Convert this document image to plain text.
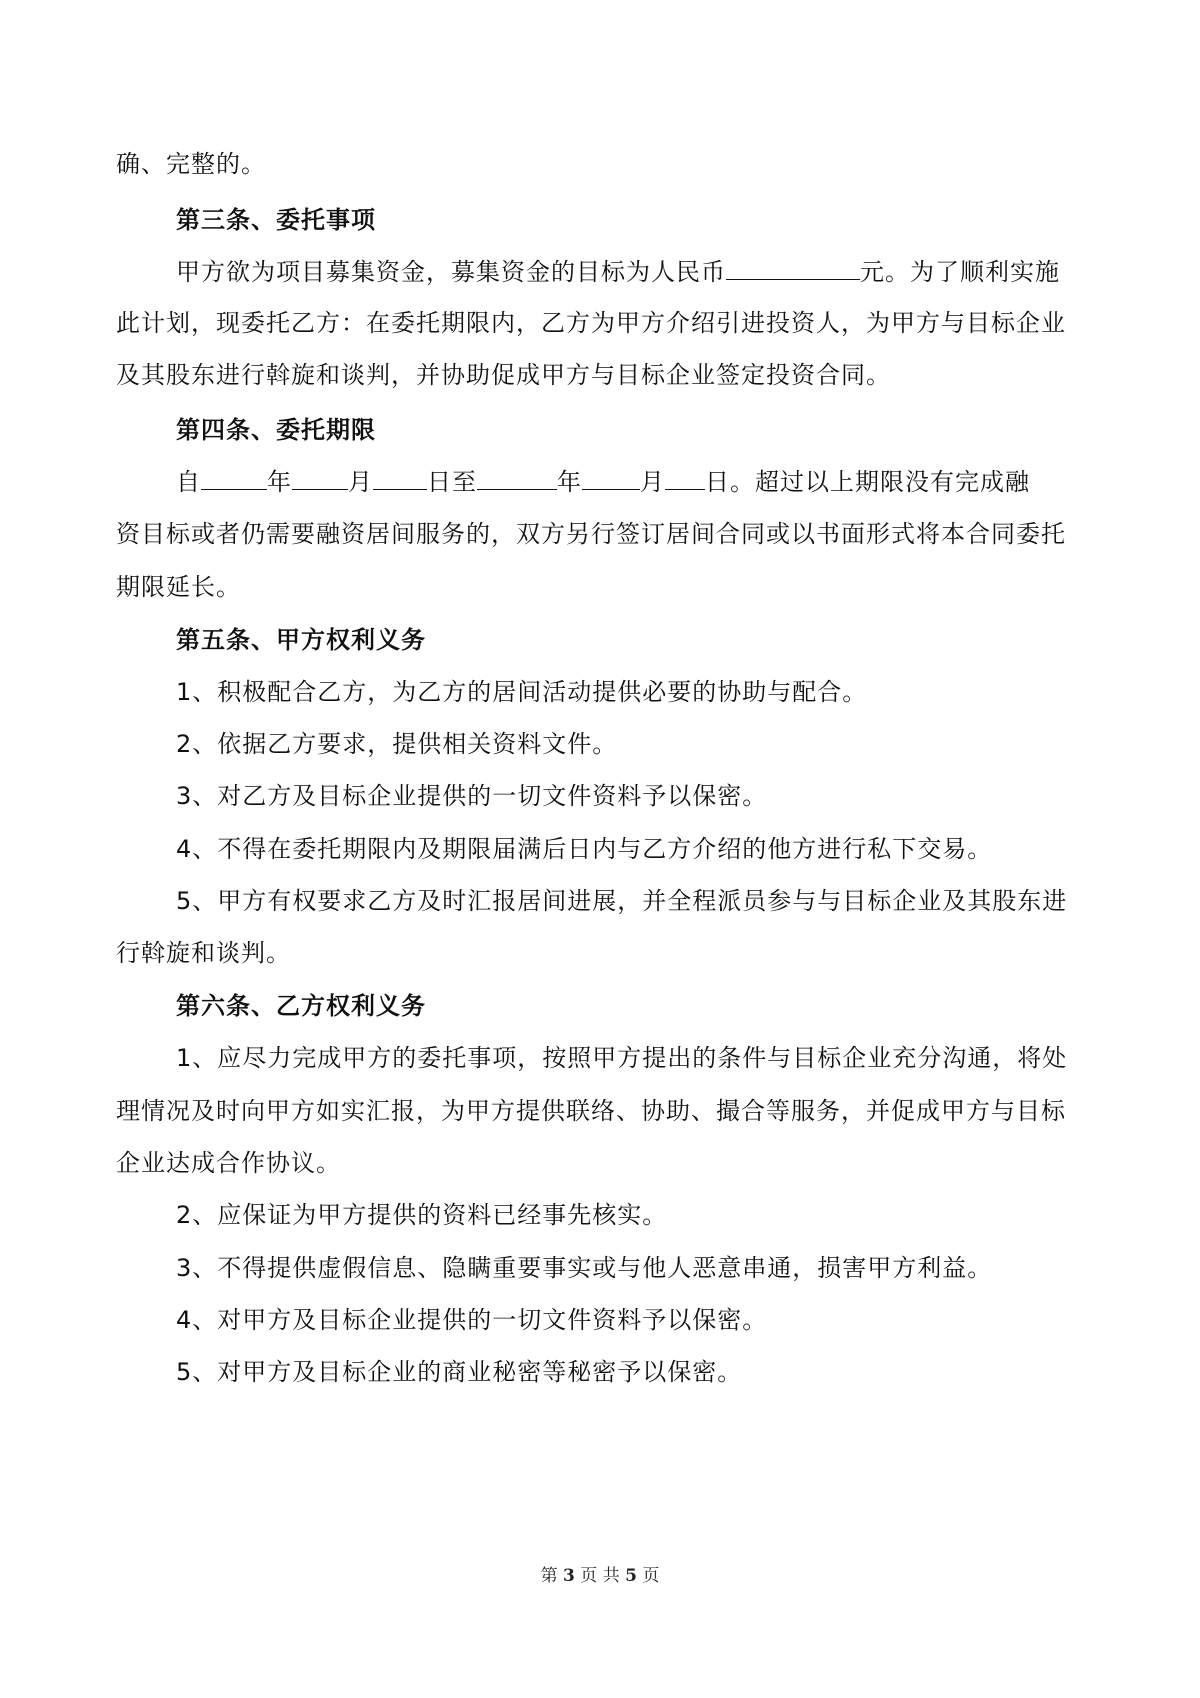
确、完整的。
第三条、委托事项
甲方欲为项目募集资金，募集资金的目标为人民币	元。为了顺利实施
此计划，现委托乙方：在委托期限内，乙方为甲方介绍引进投资人，为甲方与目标企业
及其股东进行斡旋和谈判，并协助促成甲方与目标企业签定投资合同。
第四条、委托期限
自	年 月 日至	年 月 日。超过以上期限没有完成融
资目标或者仍需要融资居间服务的，双方另行签订居间合同或以书面形式将本合同委托
期限延长。
第五条、甲方权利义务
1、积极配合乙方，为乙方的居间活动提供必要的协助与配合。
2、依据乙方要求，提供相关资料文件。
3、对乙方及目标企业提供的一切文件资料予以保密。
4、不得在委托期限内及期限届满后日内与乙方介绍的他方进行私下交易。
5、甲方有权要求乙方及时汇报居间进展，并全程派员参与与目标企业及其股东进
行斡旋和谈判。
第六条、乙方权利义务
1、应尽力完成甲方的委托事项，按照甲方提出的条件与目标企业充分沟通，将处
理情况及时向甲方如实汇报，为甲方提供联络、协助、撮合等服务，并促成甲方与目标
企业达成合作协议。
2、应保证为甲方提供的资料已经事先核实。
3、不得提供虚假信息、隐瞒重要事实或与他人恶意串通，损害甲方利益。
4、对甲方及目标企业提供的一切文件资料予以保密。
5、对甲方及目标企业的商业秘密等秘密予以保密。
第 3 页 共 5 页
